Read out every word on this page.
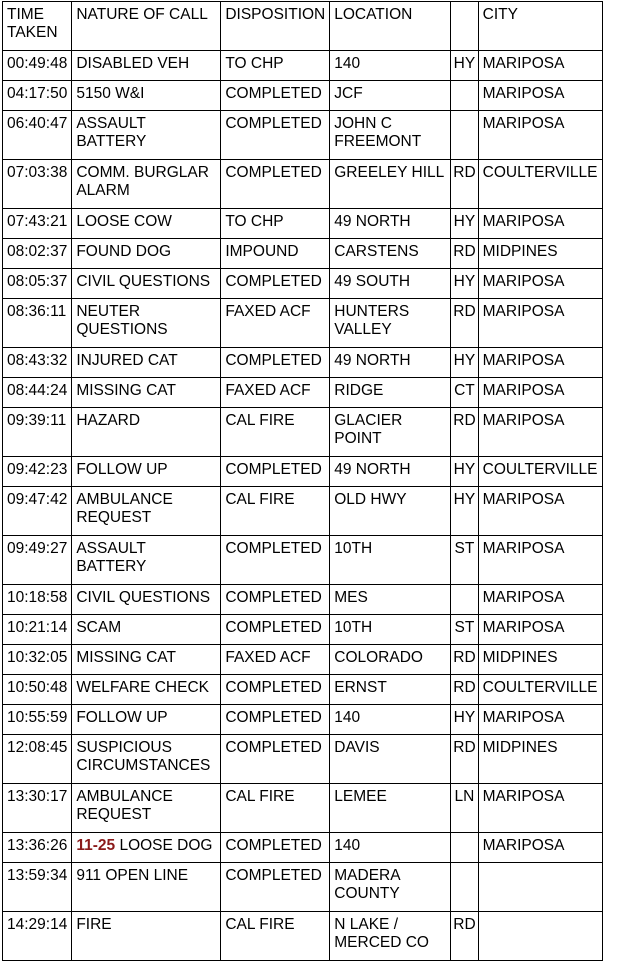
TIME TAKEN	NATURE OF CALL	DISPOSITION	LOCATION		CITY
00:49:48	DISABLED VEH	TO CHP	140	HY	MARIPOSA
04:17:50	5150 W&I	COMPLETED	JCF		MARIPOSA
06:40:47	ASSAULT BATTERY	COMPLETED	JOHN C FREEMONT		MARIPOSA
07:03:38	COMM. BURGLAR ALARM	COMPLETED	GREELEY HILL	RD	COULTERVILLE
07:43:21	LOOSE COW	TO CHP	49 NORTH	HY	MARIPOSA
08:02:37	FOUND DOG	IMPOUND	CARSTENS	RD	MIDPINES
08:05:37	CIVIL QUESTIONS	COMPLETED	49 SOUTH	HY	MARIPOSA
08:36:11	NEUTER QUESTIONS	FAXED ACF	HUNTERS VALLEY	RD	MARIPOSA
08:43:32	INJURED CAT	COMPLETED	49 NORTH	HY	MARIPOSA
08:44:24	MISSING CAT	FAXED ACF	RIDGE	CT	MARIPOSA
09:39:11	HAZARD	CAL FIRE	GLACIER POINT	RD	MARIPOSA
09:42:23	FOLLOW UP	COMPLETED	49 NORTH	HY	COULTERVILLE
09:47:42	AMBULANCE REQUEST	CAL FIRE	OLD HWY	HY	MARIPOSA
09:49:27	ASSAULT BATTERY	COMPLETED	10TH	ST	MARIPOSA
10:18:58	CIVIL QUESTIONS	COMPLETED	MES		MARIPOSA
10:21:14	SCAM	COMPLETED	10TH	ST	MARIPOSA
10:32:05	MISSING CAT	FAXED ACF	COLORADO	RD	MIDPINES
10:50:48	WELFARE CHECK	COMPLETED	ERNST	RD	COULTERVILLE
10:55:59	FOLLOW UP	COMPLETED	140	HY	MARIPOSA
12:08:45	SUSPICIOUS CIRCUMSTANCES	COMPLETED	DAVIS	RD	MIDPINES
13:30:17	AMBULANCE REQUEST	CAL FIRE	LEMEE	LN	MARIPOSA
13:36:26	11-25 LOOSE DOG	COMPLETED	140		MARIPOSA
13:59:34	911 OPEN LINE	COMPLETED	MADERA COUNTY		
14:29:14	FIRE	CAL FIRE	N LAKE / MERCED CO	RD	
